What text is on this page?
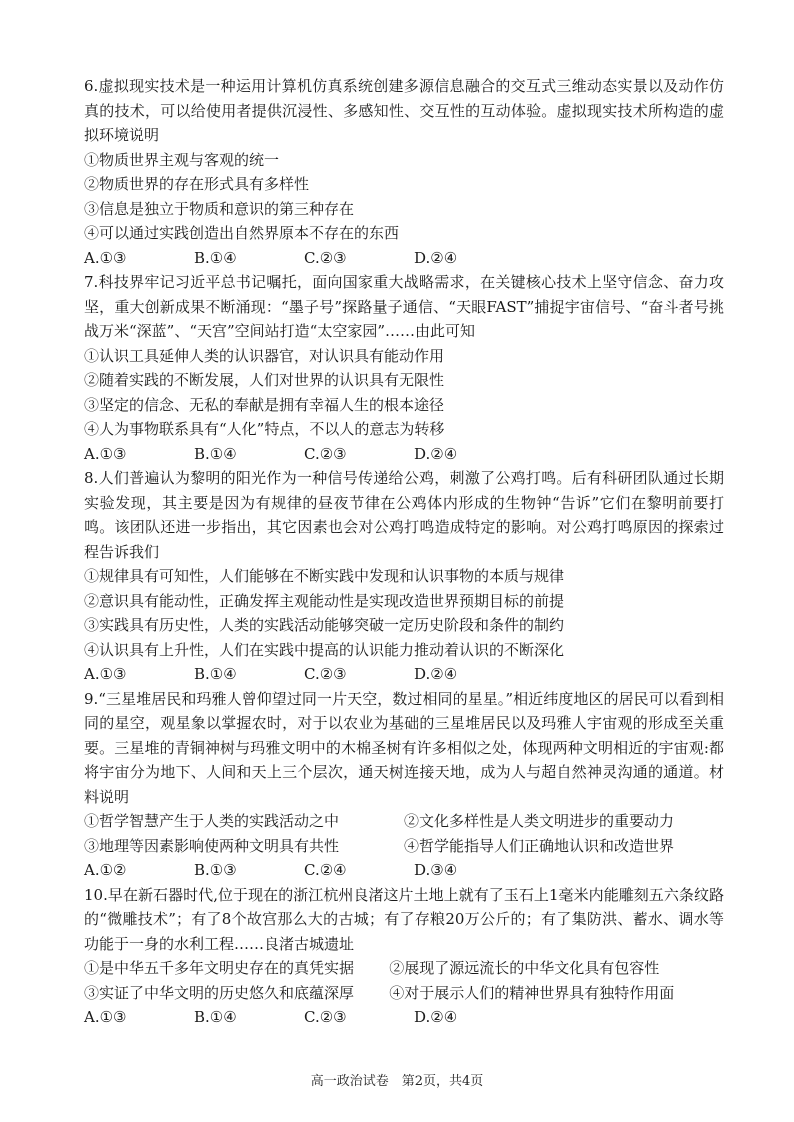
6.虚拟现实技术是一种运用计算机仿真系统创建多源信息融合的交互式三维动态实景以及动作仿真的技术，可以给使用者提供沉浸性、多感知性、交互性的互动体验。虚拟现实技术所构造的虚拟环境说明

①物质世界主观与客观的统一

②物质世界的存在形式具有多样性

③信息是独立于物质和意识的第三种存在

④可以通过实践创造出自然界原本不存在的东西

A.①③	B.①④	C.②③	D.②④

7.科技界牢记习近平总书记嘱托，面向国家重大战略需求，在关键核心技术上坚守信念、奋力攻坚，重大创新成果不断涌现：“墨子号”探路量子通信、“天眼FAST”捕捉宇宙信号、“奋斗者号挑战万米“深蓝”、“天宫”空间站打造“太空家园”……由此可知

①认识工具延伸人类的认识器官，对认识具有能动作用

②随着实践的不断发展，人们对世界的认识具有无限性

③坚定的信念、无私的奉献是拥有幸福人生的根本途径

④人为事物联系具有“人化”特点，不以人的意志为转移

A.①③	B.①④	C.②③	D.②④

8.人们普遍认为黎明的阳光作为一种信号传递给公鸡，刺激了公鸡打鸣。后有科研团队通过长期实验发现，其主要是因为有规律的昼夜节律在公鸡体内形成的生物钟“告诉”它们在黎明前要打鸣。该团队还进一步指出，其它因素也会对公鸡打鸣造成特定的影响。对公鸡打鸣原因的探索过程告诉我们

①规律具有可知性，人们能够在不断实践中发现和认识事物的本质与规律

②意识具有能动性，正确发挥主观能动性是实现改造世界预期目标的前提

③实践具有历史性，人类的实践活动能够突破一定历史阶段和条件的制约

④认识具有上升性，人们在实践中提高的认识能力推动着认识的不断深化

A.①③	B.①④	C.②③	D.②④

9.“三星堆居民和玛雅人曾仰望过同一片天空，数过相同的星星。”相近纬度地区的居民可以看到相同的星空，观星象以掌握农时，对于以农业为基础的三星堆居民以及玛雅人宇宙观的形成至关重要。三星堆的青铜神树与玛雅文明中的木棉圣树有许多相似之处，体现两种文明相近的宇宙观:都将宇宙分为地下、人间和天上三个层次，通天树连接天地，成为人与超自然神灵沟通的通道。材料说明

①哲学智慧产生于人类的实践活动之中	②文化多样性是人类文明进步的重要动力
③地理等因素影响使两种文明具有共性	④哲学能指导人们正确地认识和改造世界
A.①②	B.①③	C.②④	D.③④

10.早在新石器时代,位于现在的浙江杭州良渚这片土地上就有了玉石上1毫米内能雕刻五六条纹路的“微雕技术”；有了8个故宫那么大的古城；有了存粮20万公斤的；有了集防洪、蓄水、调水等功能于一身的水利工程……良渚古城遗址

①是中华五千多年文明史存在的真凭实据	②展现了源远流长的中华文化具有包容性
③实证了中华文明的历史悠久和底蕴深厚	④对于展示人们的精神世界具有独特作用面
A.①③	B.①④	C.②③	D.②④
高一政治试卷　第2页，共4页
